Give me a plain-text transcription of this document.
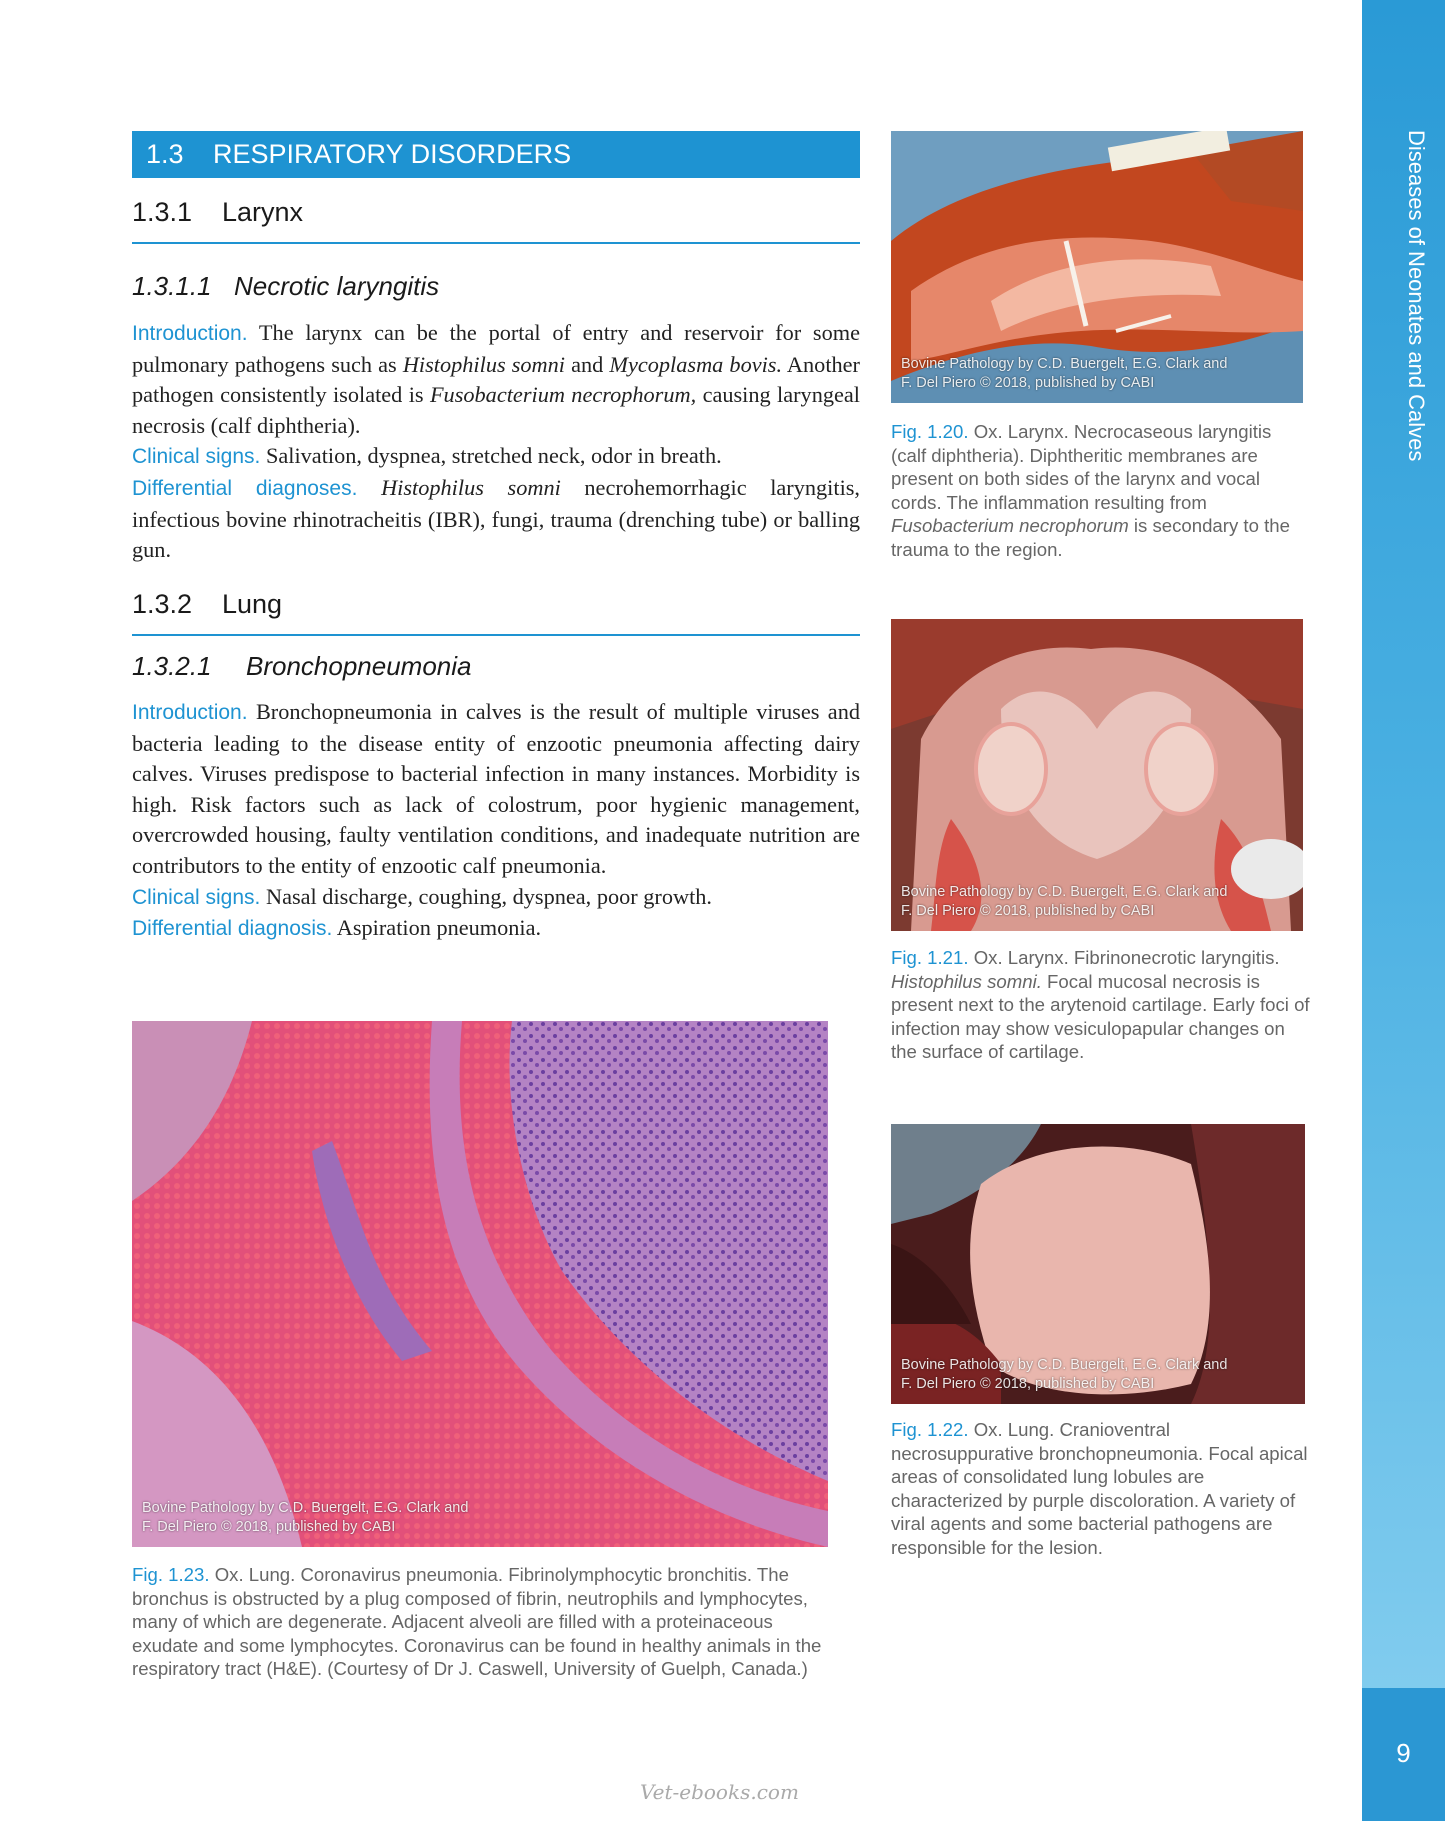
Diseases of Neonates and Calves
9
1.3 RESPIRATORY DISORDERS
1.3.1 Larynx
1.3.1.1 Necrotic laryngitis

Introduction. The larynx can be the portal of entry and reservoir for some pulmonary pathogens such as Histophilus somni and Mycoplasma bovis. Another pathogen consistently isolated is Fusobacterium necrophorum, causing laryngeal necrosis (calf diphtheria).

Clinical signs. Salivation, dyspnea, stretched neck, odor in breath.

Differential diagnoses. Histophilus somni necrohemorrhagic laryngitis, infectious bovine rhinotracheitis (IBR), fungi, trauma (drenching tube) or balling gun.

1.3.2 Lung
1.3.2.1 Bronchopneumonia

Introduction. Bronchopneumonia in calves is the result of multiple viruses and bacteria leading to the disease entity of enzootic pneumonia affecting dairy calves. Viruses predispose to bacterial infection in many instances. Morbidity is high. Risk factors such as lack of colostrum, poor hygienic management, overcrowded housing, faulty ventilation conditions, and inadequate nutrition are contributors to the entity of enzootic calf pneumonia.

Clinical signs. Nasal discharge, coughing, dyspnea, poor growth.

Differential diagnosis. Aspiration pneumonia.

Bovine Pathology by C.D. Buergelt, E.G. Clark and
F. Del Piero © 2018, published by CABI
Fig. 1.20. Ox. Larynx. Necrocaseous laryngitis (calf diphtheria). Diphtheritic membranes are present on both sides of the larynx and vocal cords. The inflammation resulting from Fusobacterium necrophorum is secondary to the trauma to the region.
Bovine Pathology by C.D. Buergelt, E.G. Clark and
F. Del Piero © 2018, published by CABI
Fig. 1.21. Ox. Larynx. Fibrinonecrotic laryngitis. Histophilus somni. Focal mucosal necrosis is present next to the arytenoid cartilage. Early foci of infection may show vesiculopapular changes on the surface of cartilage.
Bovine Pathology by C.D. Buergelt, E.G. Clark and
F. Del Piero © 2018, published by CABI
Fig. 1.22. Ox. Lung. Cranioventral necrosuppurative bronchopneumonia. Focal apical areas of consolidated lung lobules are characterized by purple discoloration. A variety of viral agents and some bacterial pathogens are responsible for the lesion.
Bovine Pathology by C.D. Buergelt, E.G. Clark and
F. Del Piero © 2018, published by CABI
Fig. 1.23. Ox. Lung. Coronavirus pneumonia. Fibrinolymphocytic bronchitis. The bronchus is obstructed by a plug composed of fibrin, neutrophils and lymphocytes, many of which are degenerate. Adjacent alveoli are filled with a proteinaceous exudate and some lymphocytes. Coronavirus can be found in healthy animals in the respiratory tract (H&E). (Courtesy of Dr J. Caswell, University of Guelph, Canada.)
Vet-ebooks.com
